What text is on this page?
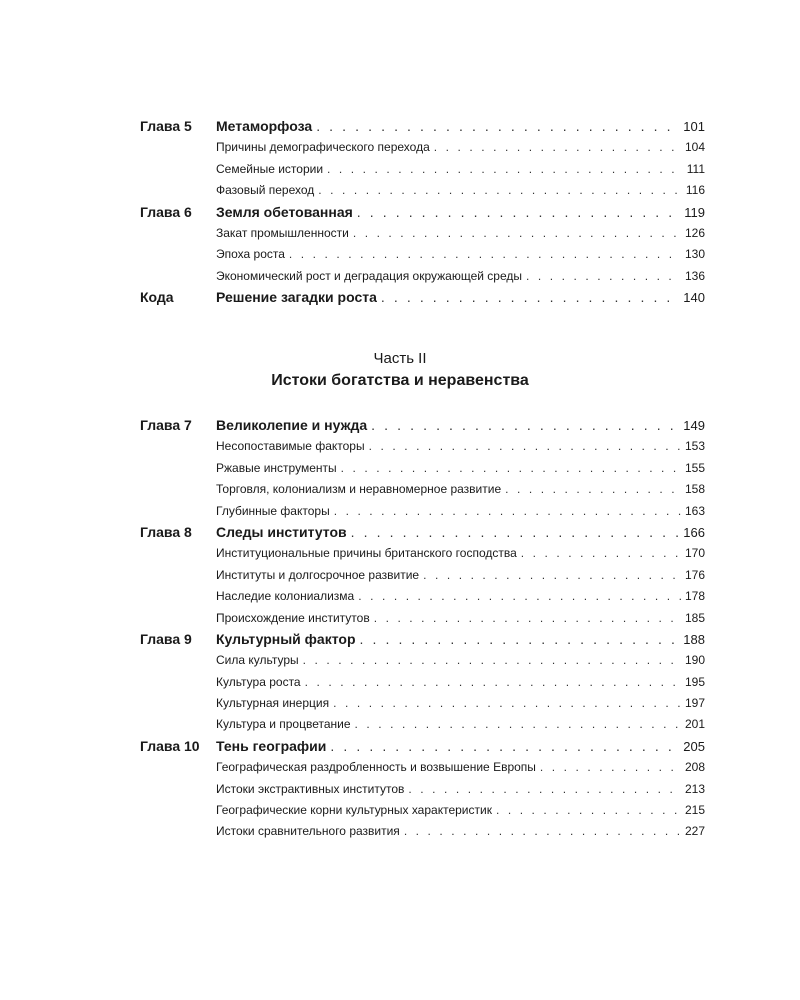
Глава 5	Метаморфоза . . .	101
Причины демографического перехода . . .	104
Семейные истории . . .	111
Фазовый переход . . .	116
Глава 6	Земля обетованная . . .	119
Закат промышленности . . .	126
Эпоха роста . . .	130
Экономический рост и деградация окружающей среды . . .	136
Кода	Решение загадки роста . . .	140
Часть II
Истоки богатства и неравенства
Глава 7	Великолепие и нужда . . .	149
Несопоставимые факторы . . .	153
Ржавые инструменты . . .	155
Торговля, колониализм и неравномерное развитие . . .	158
Глубинные факторы . . .	163
Глава 8	Следы институтов . . .	166
Институциональные причины британского господства . . .	170
Институты и долгосрочное развитие . . .	176
Наследие колониализма . . .	178
Происхождение институтов . . .	185
Глава 9	Культурный фактор . . .	188
Сила культуры . . .	190
Культура роста . . .	195
Культурная инерция . . .	197
Культура и процветание . . .	201
Глава 10	Тень географии . . .	205
Географическая раздробленность и возвышение Европы . . .	208
Истоки экстрактивных институтов . . .	213
Географические корни культурных характеристик . . .	215
Истоки сравнительного развития . . .	227
